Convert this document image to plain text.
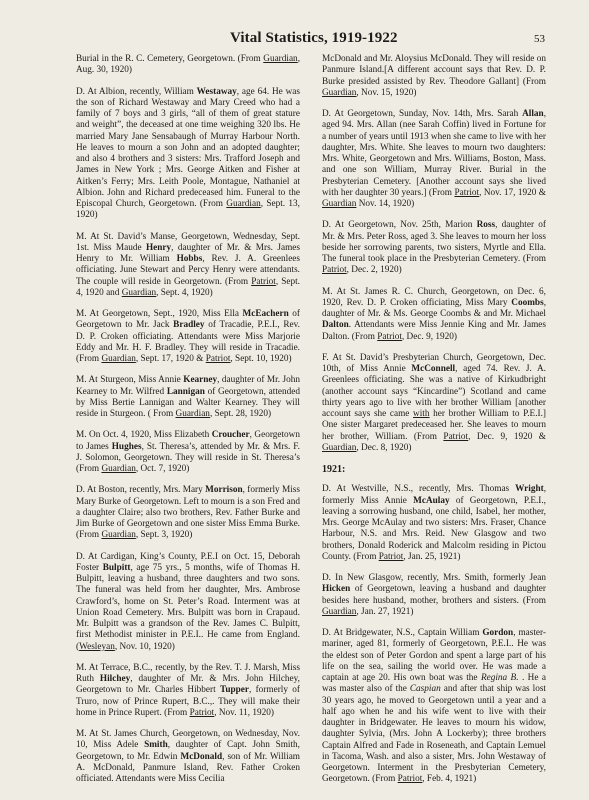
Vital Statistics, 1919-1922	53

Burial in the R. C. Cemetery, Georgetown. (From Guardian, Aug. 30, 1920)

D. At Albion, recently, William Westaway, age 64. He was the son of Richard Westaway and Mary Creed who had a family of 7 boys and 3 girls, “all of them of great stature and weight”, the deceased at one time weighing 320 lbs. He married Mary Jane Sensabaugh of Murray Harbour North. He leaves to mourn a son John and an adopted daughter; and also 4 brothers and 3 sisters: Mrs. Trafford Joseph and James in New York ; Mrs. George Aitken and Fisher at Aitken’s Ferry; Mrs. Leith Poole, Montague, Nathaniel at Albion. John and Richard predeceased him. Funeral to the Episcopal Church, Georgetown. (From Guardian, Sept. 13, 1920)

M. At St. David’s Manse, Georgetown, Wednesday, Sept. 1st. Miss Maude Henry, daughter of Mr. & Mrs. James Henry to Mr. William Hobbs, Rev. J. A. Greenlees officiating. June Stewart and Percy Henry were attendants. The couple will reside in Georgetown. (From Patriot, Sept. 4, 1920 and Guardian, Sept. 4, 1920)

M. At Georgetown, Sept., 1920, Miss Ella McEachern of Georgetown to Mr. Jack Bradley of Tracadie, P.E.I., Rev. D. P. Croken officiating. Attendants were Miss Marjorie Eddy and Mr. H. F. Bradley. They will reside in Tracadie. (From Guardian, Sept. 17, 1920 & Patriot, Sept. 10, 1920)

M. At Sturgeon, Miss Annie Kearney, daughter of Mr. John Kearney to Mr. Wilfred Lannigan of Georgetown, attended by Miss Bertie Lannigan and Walter Kearney. They will reside in Sturgeon. ( From Guardian, Sept. 28, 1920)

M. On Oct. 4, 1920, Miss Elizabeth Croucher, Georgetown to James Hughes, St. Theresa’s, attended by Mr. & Mrs. F. J. Solomon, Georgetown. They will reside in St. Theresa’s (From Guardian, Oct. 7, 1920)

D. At Boston, recently, Mrs. Mary Morrison, formerly Miss Mary Burke of Georgetown. Left to mourn is a son Fred and a daughter Claire; also two brothers, Rev. Father Burke and Jim Burke of Georgetown and one sister Miss Emma Burke. (From Guardian, Sept. 3, 1920)

D. At Cardigan, King’s County, P.E.I on Oct. 15, Deborah Foster Bulpitt, age 75 yrs., 5 months, wife of Thomas H. Bulpitt, leaving a husband, three daughters and two sons. The funeral was held from her daughter, Mrs. Ambrose Crawford’s, home on St. Peter’s Road. Interment was at Union Road Cemetery. Mrs. Bulpitt was born in Crapaud. Mr. Bulpitt was a grandson of the Rev. James C. Bulpitt, first Methodist minister in P.E.I.. He came from England. (Wesleyan, Nov. 10, 1920)

M. At Terrace, B.C., recently, by the Rev. T. J. Marsh, Miss Ruth Hilchey, daughter of Mr. & Mrs. John Hilchey, Georgetown to Mr. Charles Hibbert Tupper, formerly of Truro, now of Prince Rupert, B.C.,. They will make their home in Prince Rupert. (From Patriot, Nov. 11, 1920)

M. At St. James Church, Georgetown, on Wednesday, Nov. 10, Miss Adele Smith, daughter of Capt. John Smith, Georgetown, to Mr. Edwin McDonald, son of Mr. William A. McDonald, Panmure Island, Rev. Father Croken officiated. Attendants were Miss Cecilia

McDonald and Mr. Aloysius McDonald. They will reside on Panmure Island.[A different account says that Rev. D. P. Burke presided assisted by Rev. Theodore Gallant] (From Guardian, Nov. 15, 1920)

D. At Georgetown, Sunday, Nov. 14th, Mrs. Sarah Allan, aged 94. Mrs. Allan (nee Sarah Coffin) lived in Fortune for a number of years until 1913 when she came to live with her daughter, Mrs. White. She leaves to mourn two daughters: Mrs. White, Georgetown and Mrs. Williams, Boston, Mass. and one son William, Murray River. Burial in the Presbyterian Cemetery. [Another account says she lived with her daughter 30 years.] (From Patriot, Nov. 17, 1920 & Guardian Nov. 14, 1920)

D. At Georgetown, Nov. 25th, Marion Ross, daughter of Mr. & Mrs. Peter Ross, aged 3. She leaves to mourn her loss beside her sorrowing parents, two sisters, Myrtle and Ella. The funeral took place in the Presbyterian Cemetery. (From Patriot, Dec. 2, 1920)

M. At St. James R. C. Church, Georgetown, on Dec. 6, 1920, Rev. D. P. Croken officiating, Miss Mary Coombs, daughter of Mr. & Ms. George Coombs & and Mr. Michael Dalton. Attendants were Miss Jennie King and Mr. James Dalton. (From Patriot, Dec. 9, 1920)

F. At St. David’s Presbyterian Church, Georgetown, Dec. 10th, of Miss Annie McConnell, aged 74. Rev. J. A. Greenlees officiating. She was a native of Kirkudbright (another account says “Kincardine”) Scotland and came thirty years ago to live with her brother William [another account says she came with her brother William to P.E.I.] One sister Margaret predeceased her. She leaves to mourn her brother, William. (From Patriot, Dec. 9, 1920 & Guardian, Dec. 8, 1920)

1921:

D. At Westville, N.S., recently, Mrs. Thomas Wright, formerly Miss Annie McAulay of Georgetown, P.E.I., leaving a sorrowing husband, one child, Isabel, her mother, Mrs. George McAulay and two sisters: Mrs. Fraser, Chance Harbour, N.S. and Mrs. Reid. New Glasgow and two brothers, Donald Roderick and Malcolm residing in Pictou County. (From Patriot, Jan. 25, 1921)

D. In New Glasgow, recently, Mrs. Smith, formerly Jean Hicken of Georgetown, leaving a husband and daughter besides here husband, mother, brothers and sisters. (From Guardian, Jan. 27, 1921)

D. At Bridgewater, N.S., Captain William Gordon, master-mariner, aged 81, formerly of Georgetown, P.E.I.. He was the eldest son of Peter Gordon and spent a large part of his life on the sea, sailing the world over. He was made a captain at age 20. His own boat was the Regina B. . He a was master also of the Caspian and after that ship was lost 30 years ago, he moved to Georgetown until a year and a half ago when he and his wife went to live with their daughter in Bridgewater. He leaves to mourn his widow, daughter Sylvia, (Mrs. John A Lockerby); three brothers Captain Alfred and Fade in Roseneath, and Captain Lemuel in Tacoma, Wash. and also a sister, Mrs. John Westaway of Georgetown. Interment in the Presbyterian Cemetery, Georgetown. (From Patriot, Feb. 4, 1921)
